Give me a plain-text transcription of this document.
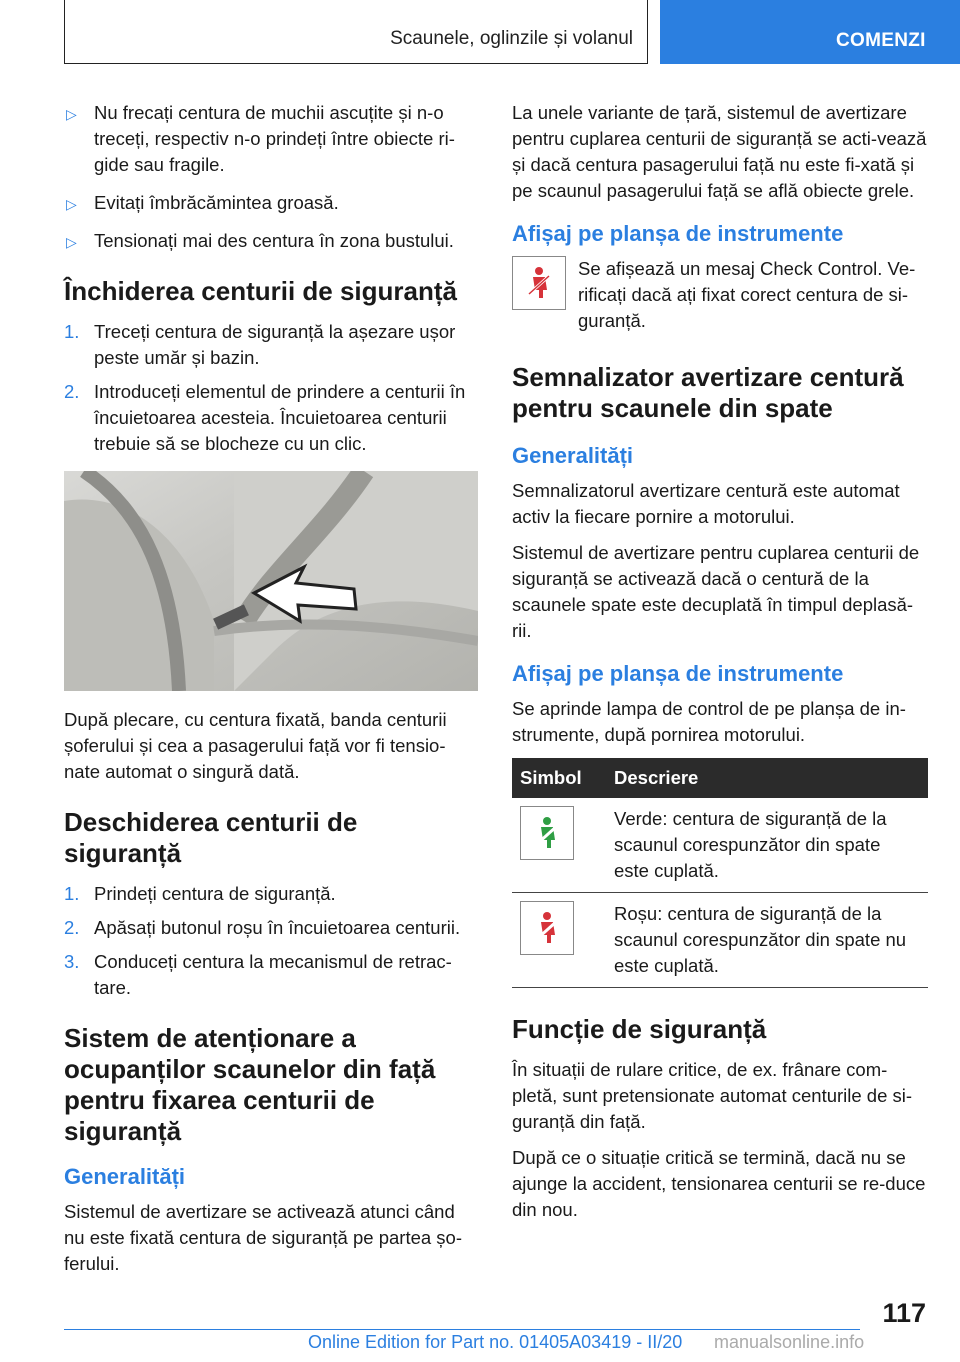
Scaunele, oglinzile și volanul	COMENZI
▷ Nu frecați centura de muchii ascuțite și n-o treceți, respectiv n-o prindeți între obiecte ri-gide sau fragile.
▷ Evitați îmbrăcămintea groasă.
▷ Tensionați mai des centura în zona bustului.
Închiderea centurii de siguranță
1. Treceți centura de siguranță la așezare ușor peste umăr și bazin.
2. Introduceți elementul de prindere a centurii în încuietoarea acesteia. Încuietoarea centurii trebuie să se blocheze cu un clic.

După plecare, cu centura fixată, banda centurii șoferului și cea a pasagerului față vor fi tensio-nate automat o singură dată.

Deschiderea centurii de siguranță
1. Prindeți centura de siguranță.
2. Apăsați butonul roșu în încuietoarea centurii.
3. Conduceți centura la mecanismul de retrac-tare.
Sistem de atenționare a ocupanților scaunelor din față pentru fixarea centurii de siguranță
Generalități

Sistemul de avertizare se activează atunci când nu este fixată centura de siguranță pe partea șo-ferului.

La unele variante de țară, sistemul de avertizare pentru cuplarea centurii de siguranță se acti-vează și dacă centura pasagerului față nu este fi-xată și pe scaunul pasagerului față se află obiecte grele.

Afișaj pe planșa de instrumente
Se afișează un mesaj Check Control. Ve-rificați dacă ați fixat corect centura de si-guranță.
Semnalizator avertizare centură pentru scaunele din spate
Generalități

Semnalizatorul avertizare centură este automat activ la fiecare pornire a motorului.

Sistemul de avertizare pentru cuplarea centurii de siguranță se activează dacă o centură de la scaunele spate este decuplată în timpul deplasă-rii.

Afișaj pe planșa de instrumente

Se aprinde lampa de control de pe planșa de in-strumente, după pornirea motorului.

Simbol	Descriere

	Verde: centura de siguranță de la scaunul corespunzător din spate este cuplată.

	Roșu: centura de siguranță de la scaunul corespunzător din spate nu este cuplată.
Funcție de siguranță

În situații de rulare critice, de ex. frânare com-pletă, sunt pretensionate automat centurile de si-guranță din față.

După ce o situație critică se termină, dacă nu se ajunge la accident, tensionarea centurii se re-duce din nou.

117
Online Edition for Part no. 01405A03419 - II/20 manualsonline.info
